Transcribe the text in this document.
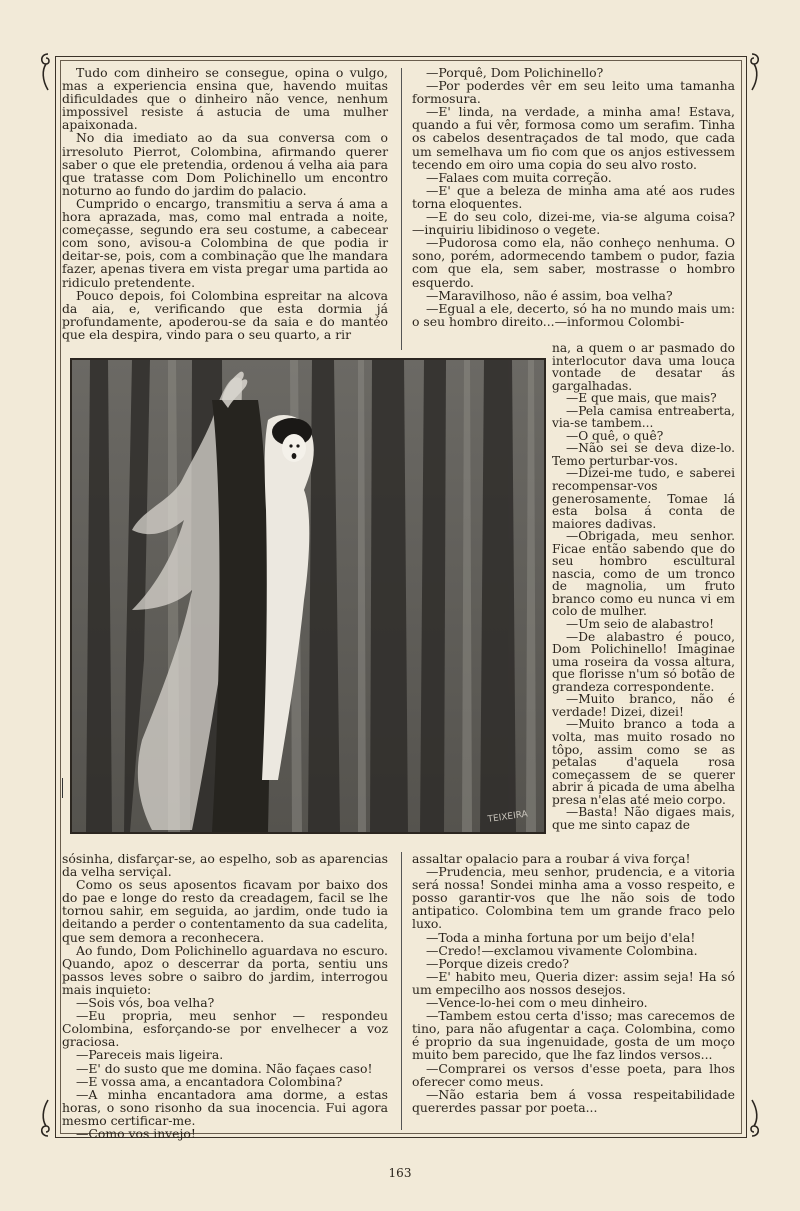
Tudo com dinheiro se consegue, opina o vulgo, mas a experiencia ensina que, havendo muitas dificuldades que o dinheiro não vence, nenhum impossivel resiste á astucia de uma mulher apaixonada.

No dia imediato ao da sua conversa com o irresoluto Pierrot, Colombina, afirmando querer saber o que ele pretendia, ordenou á velha aia para que tratasse com Dom Polichinello um encontro noturno ao fundo do jardim do palacio.

Cumprido o encargo, transmitiu a serva á ama a hora aprazada, mas, como mal entrada a noite, começasse, segundo era seu costume, a cabecear com sono, avisou-a Colombina de que podia ir deitar-se, pois, com a combinação que lhe mandara fazer, apenas tivera em vista pregar uma partida ao ridiculo pretendente.

Pouco depois, foi Colombina espreitar na alcova da aia, e, verificando que esta dormia já profundamente, apoderou-se da saia e do mantéo que ela despira, vindo para o seu quarto, a rir

—Porquê, Dom Polichinello?

—Por poderdes vêr em seu leito uma tamanha formosura.

—E' linda, na verdade, a minha ama! Estava, quando a fui vêr, formosa como um serafim. Tinha os cabelos desentraçados de tal modo, que cada um semelhava um fio com que os anjos estivessem tecendo em oiro uma copia do seu alvo rosto.

—Falaes com muita correção.

—E' que a beleza de minha ama até aos rudes torna eloquentes.

—E do seu colo, dizei-me, via-se alguma coisa? —inquiriu libidinoso o vegete.

—Pudorosa como ela, não conheço nenhuma. O sono, porém, adormecendo tambem o pudor, fazia com que ela, sem saber, mostrasse o hombro esquerdo.

—Maravilhoso, não é assim, boa velha?

—Egual a ele, decerto, só ha no mundo mais um: o seu hombro direito...—informou Colombi-

na, a quem o ar pasmado do interlocutor dava uma louca vontade de desatar ás gargalhadas.

—E que mais, que mais?

—Pela camisa entreaberta, via-se tambem...

—O quê, o quê?

—Não sei se deva dize-lo. Temo perturbar-vos.

—Dizei-me tudo, e saberei recompensar-vos generosamente. Tomae lá esta bolsa á conta de maiores dadivas.

—Obrigada, meu senhor. Ficae então sabendo que do seu hombro escultural nascia, como de um tronco de magnolia, um fruto branco como eu nunca vi em colo de mulher.

—Um seio de alabastro!

—De alabastro é pouco, Dom Polichinello! Imaginae uma roseira da vossa altura, que florisse n'um só botão de grandeza correspondente.

—Muito branco, não é verdade! Dizei, dizei!

—Muito branco a toda a volta, mas muito rosado no tôpo, assim como se as petalas d'aquela rosa começassem de se querer abrir á picada de uma abelha presa n'elas até meio corpo.

—Basta! Não digaes mais, que me sinto capaz de

TEIXEIRA

sósinha, disfarçar-se, ao espelho, sob as aparencias da velha serviçal.

Como os seus aposentos ficavam por baixo dos do pae e longe do resto da creadagem, facil se lhe tornou sahir, em seguida, ao jardim, onde tudo ia deitando a perder o contentamento da sua cadelita, que sem demora a reconhecera.

Ao fundo, Dom Polichinello aguardava no escuro. Quando, apoz o descerrar da porta, sentiu uns passos leves sobre o saibro do jardim, interrogou mais inquieto:

—Sois vós, boa velha?

—Eu propria, meu senhor — respondeu Colombina, esforçando-se por envelhecer a voz graciosa.

—Pareceis mais ligeira.

—E' do susto que me domina. Não façaes caso!

—E vossa ama, a encantadora Colombina?

—A minha encantadora ama dorme, a estas horas, o sono risonho da sua inocencia. Fui agora mesmo certificar-me.

—Como vos invejo!

assaltar opalacio para a roubar á viva força!

—Prudencia, meu senhor, prudencia, e a vitoria será nossa! Sondei minha ama a vosso respeito, e posso garantir-vos que lhe não sois de todo antipatico. Colombina tem um grande fraco pelo luxo.

—Toda a minha fortuna por um beijo d'ela!

—Credo!—exclamou vivamente Colombina.

—Porque dizeis credo?

—E' habito meu, Queria dizer: assim seja! Ha só um empecilho aos nossos desejos.

—Vence-lo-hei com o meu dinheiro.

—Tambem estou certa d'isso; mas carecemos de tino, para não afugentar a caça. Colombina, como é proprio da sua ingenuidade, gosta de um moço muito bem parecido, que lhe faz lindos versos...

—Comprarei os versos d'esse poeta, para lhos oferecer como meus.

—Não estaria bem á vossa respeitabilidade quererdes passar por poeta...

163
